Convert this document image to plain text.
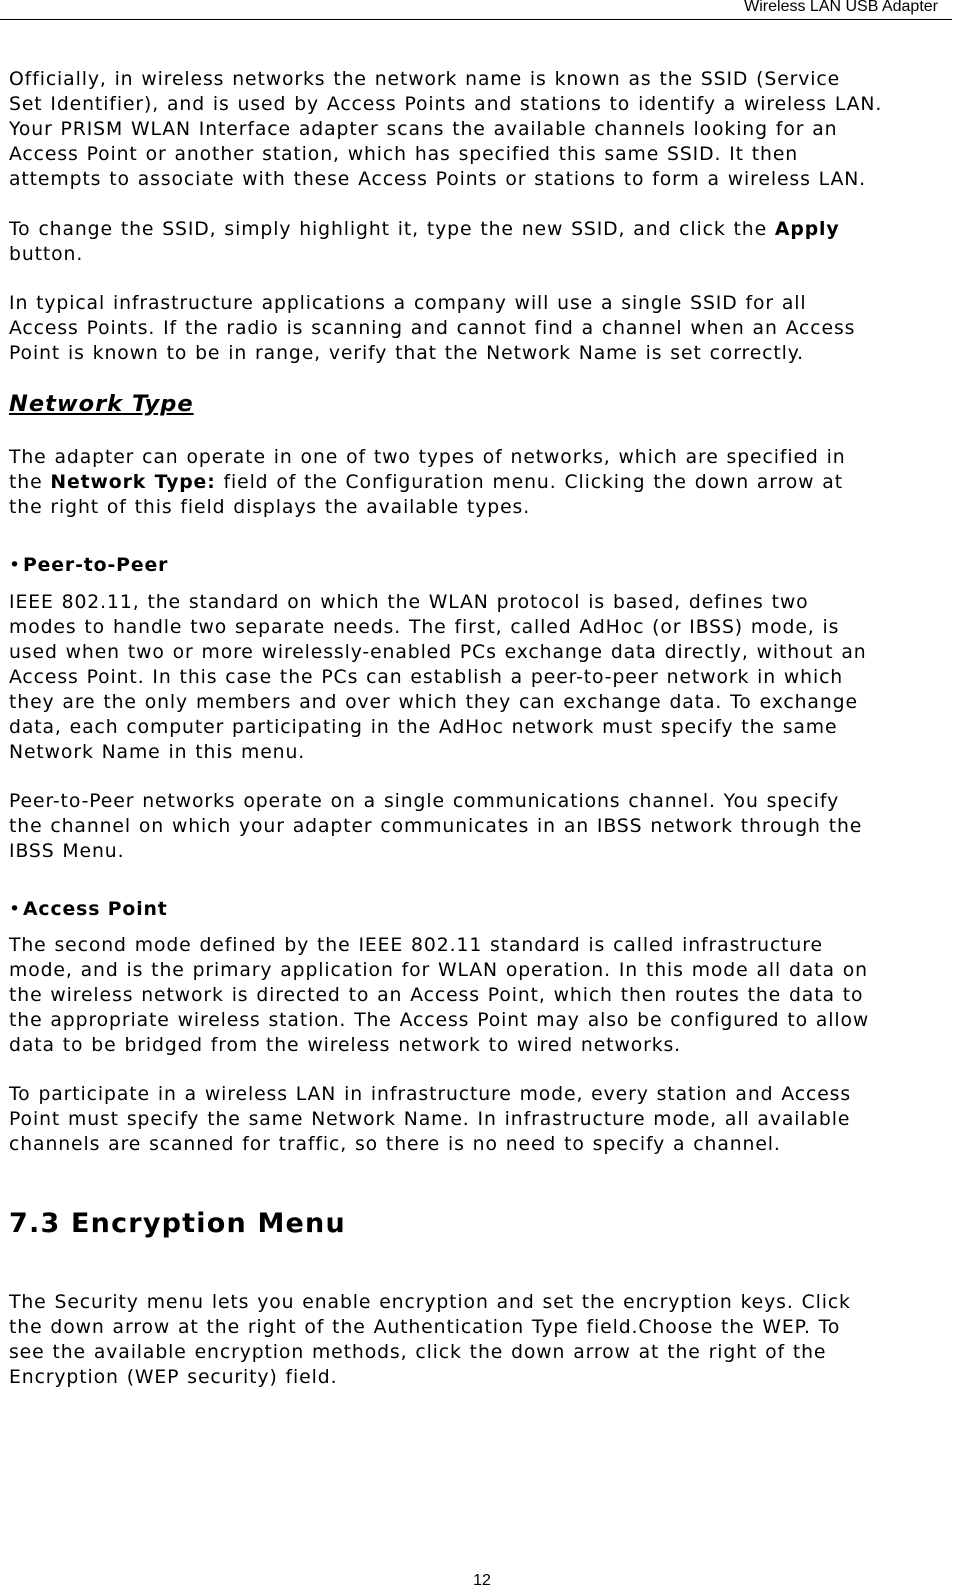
Wireless LAN USB Adapter
Officially, in wireless networks the network name is known as the SSID (Service
Set Identifier), and is used by Access Points and stations to identify a wireless LAN.
Your PRISM WLAN Interface adapter scans the available channels looking for an
Access Point or another station, which has specified this same SSID. It then
attempts to associate with these Access Points or stations to form a wireless LAN.
To change the SSID, simply highlight it, type the new SSID, and click the Apply
button.
In typical infrastructure applications a company will use a single SSID for all
Access Points. If the radio is scanning and cannot find a channel when an Access
Point is known to be in range, verify that the Network Name is set correctly.
Network Type
The adapter can operate in one of two types of networks, which are specified in
the Network Type: field of the Configuration menu. Clicking the down arrow at
the right of this field displays the available types.
• Peer-to-Peer
IEEE 802.11, the standard on which the WLAN protocol is based, defines two
modes to handle two separate needs. The first, called AdHoc (or IBSS) mode, is
used when two or more wirelessly-enabled PCs exchange data directly, without an
Access Point. In this case the PCs can establish a peer-to-peer network in which
they are the only members and over which they can exchange data. To exchange
data, each computer participating in the AdHoc network must specify the same
Network Name in this menu.
Peer-to-Peer networks operate on a single communications channel. You specify
the channel on which your adapter communicates in an IBSS network through the
IBSS Menu.
• Access Point
The second mode defined by the IEEE 802.11 standard is called infrastructure
mode, and is the primary application for WLAN operation. In this mode all data on
the wireless network is directed to an Access Point, which then routes the data to
the appropriate wireless station. The Access Point may also be configured to allow
data to be bridged from the wireless network to wired networks.
To participate in a wireless LAN in infrastructure mode, every station and Access
Point must specify the same Network Name. In infrastructure mode, all available
channels are scanned for traffic, so there is no need to specify a channel.
7.3 Encryption Menu
The Security menu lets you enable encryption and set the encryption keys. Click
the down arrow at the right of the Authentication Type field.Choose the WEP. To
see the available encryption methods, click the down arrow at the right of the
Encryption (WEP security) field.
12
